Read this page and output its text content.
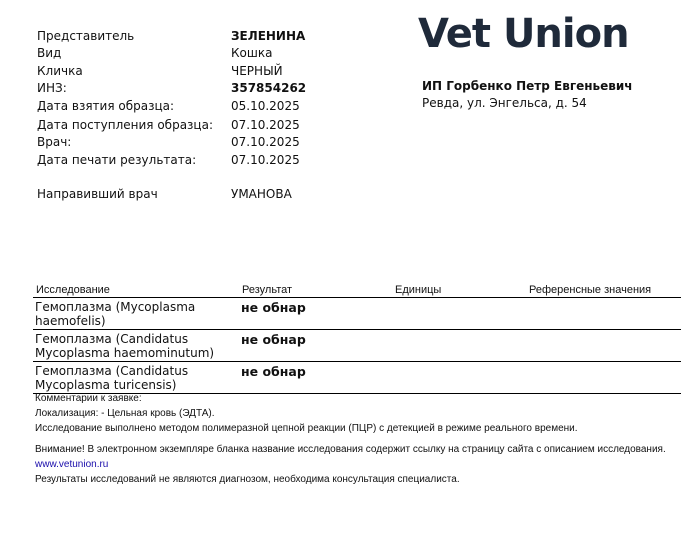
Представитель	ЗЕЛЕНИНА
Вид	Кошка
Кличка	ЧЕРНЫЙ
ИНЗ:	357854262
Дата взятия образца:	05.10.2025
Дата поступления образца: 07.10.2025
Врач:	07.10.2025
Дата печати результата:	07.10.2025
Направивший врач	УМАНОВА
Vet Union
ИП Горбенко Петр Евгеньевич
Ревда, ул. Энгельса, д. 54
Исследование	Результат	Единицы	Референсные значения

Гемоплазма (Mycoplasma
haemofelis)	не обнар		

Гемоплазма (Candidatus
Mycoplasma haemominutum)	не обнар		

Гемоплазма (Candidatus
Mycoplasma turicensis)	не обнар		
Комментарии к заявке:
Локализация: - Цельная кровь (ЭДТА).
Исследование выполнено методом полимеразной цепной реакции (ПЦР) с детекцией в режиме реального времени.
Внимание! В электронном экземпляре бланка название исследования содержит ссылку на страницу сайта с описанием исследования.
www.vetunion.ru
Результаты исследований не являются диагнозом, необходима консультация специалиста.
